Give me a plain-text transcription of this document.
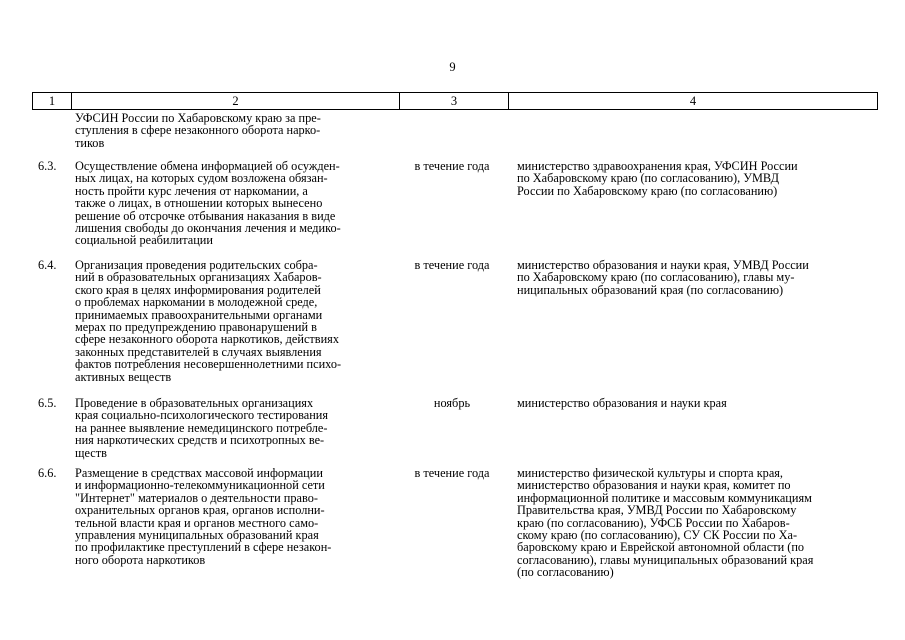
9
1	2	3	4
УФСИН России по Хабаровскому краю за пре-
ступления в сфере незаконного оборота нарко-
тиков
6.3.	Осуществление обмена информацией об осужден-
ных лицах, на которых судом возложена обязан-
ность пройти курс лечения от наркомании, а
также о лицах, в отношении которых вынесено
решение об отсрочке отбывания наказания в виде
лишения свободы до окончания лечения и медико-
социальной реабилитации
в течение года	министерство здравоохранения края, УФСИН России
по Хабаровскому краю (по согласованию), УМВД
России по Хабаровскому краю (по согласованию)
6.4.	Организация проведения родительских собра-
ний в образовательных организациях Хабаров-
ского края в целях информирования родителей
о проблемах наркомании в молодежной среде,
принимаемых правоохранительными органами
мерах по предупреждению правонарушений в
сфере незаконного оборота наркотиков, действиях
законных представителей в случаях выявления
фактов потребления несовершеннолетними психо-
активных веществ
в течение года	министерство образования и науки края, УМВД России
по Хабаровскому краю (по согласованию), главы му-
ниципальных образований края (по согласованию)
6.5.	Проведение в образовательных организациях
края социально-психологического тестирования
на раннее выявление немедицинского потребле-
ния наркотических средств и психотропных ве-
ществ
ноябрь	министерство образования и науки края
6.6.	Размещение в средствах массовой информации
и информационно-телекоммуникационной сети
"Интернет" материалов о деятельности право-
охранительных органов края, органов исполни-
тельной власти края и органов местного само-
управления муниципальных образований края
по профилактике преступлений в сфере незакон-
ного оборота наркотиков
в течение года	министерство физической культуры и спорта края,
министерство образования и науки края, комитет по
информационной политике и массовым коммуникациям
Правительства края, УМВД России по Хабаровскому
краю (по согласованию), УФСБ России по Хабаров-
скому краю (по согласованию), СУ СК России по Ха-
баровскому краю и Еврейской автономной области (по
согласованию), главы муниципальных образований края
(по согласованию)
